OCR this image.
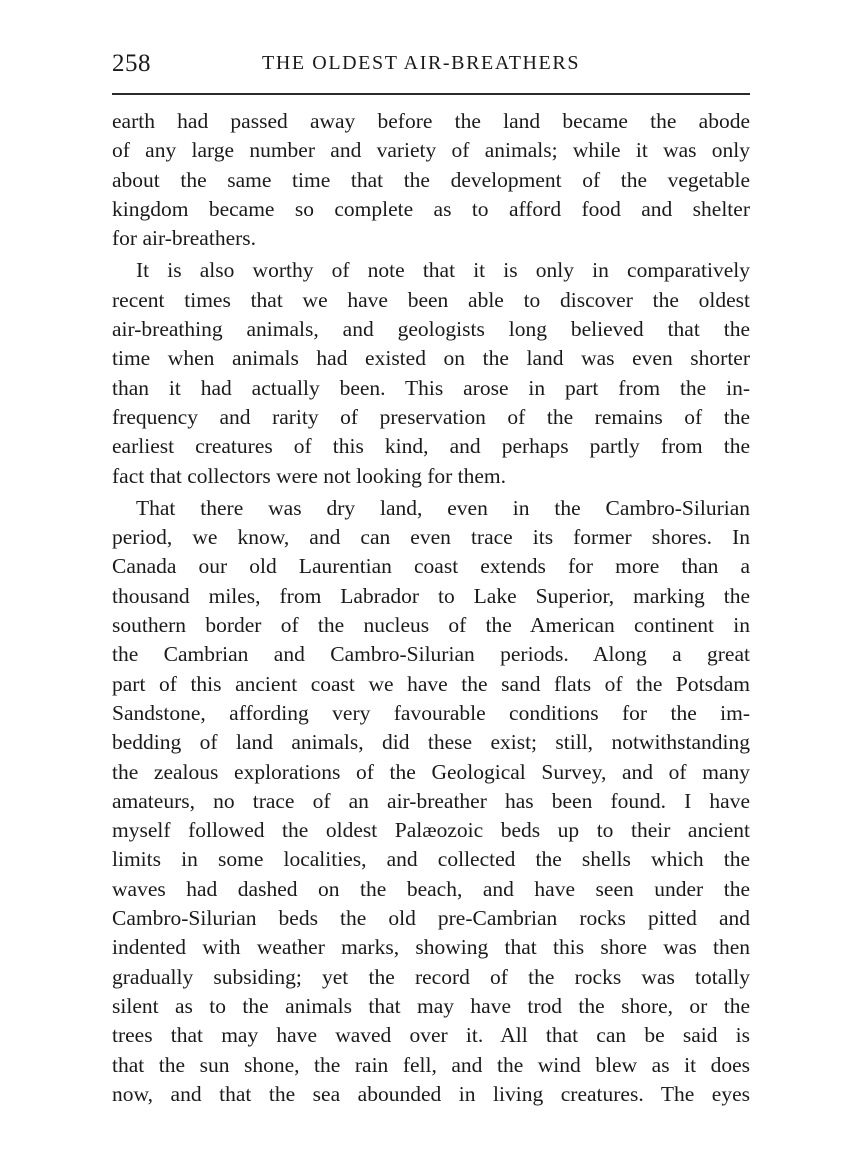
258	THE OLDEST AIR-BREATHERS
earth had passed away before the land became the abode
of any large number and variety of animals; while it was only
about the same time that the development of the vegetable
kingdom became so complete as to afford food and shelter
for air-breathers.
It is also worthy of note that it is only in comparatively
recent times that we have been able to discover the oldest
air-breathing animals, and geologists long believed that the
time when animals had existed on the land was even shorter
than it had actually been. This arose in part from the in-
frequency and rarity of preservation of the remains of the
earliest creatures of this kind, and perhaps partly from the
fact that collectors were not looking for them.
That there was dry land, even in the Cambro-Silurian
period, we know, and can even trace its former shores. In
Canada our old Laurentian coast extends for more than a
thousand miles, from Labrador to Lake Superior, marking the
southern border of the nucleus of the American continent in
the Cambrian and Cambro-Silurian periods. Along a great
part of this ancient coast we have the sand flats of the Potsdam
Sandstone, affording very favourable conditions for the im-
bedding of land animals, did these exist; still, notwithstanding
the zealous explorations of the Geological Survey, and of many
amateurs, no trace of an air-breather has been found. I have
myself followed the oldest Palæozoic beds up to their ancient
limits in some localities, and collected the shells which the
waves had dashed on the beach, and have seen under the
Cambro-Silurian beds the old pre-Cambrian rocks pitted and
indented with weather marks, showing that this shore was then
gradually subsiding; yet the record of the rocks was totally
silent as to the animals that may have trod the shore, or the
trees that may have waved over it. All that can be said is
that the sun shone, the rain fell, and the wind blew as it does
now, and that the sea abounded in living creatures. The eyes
